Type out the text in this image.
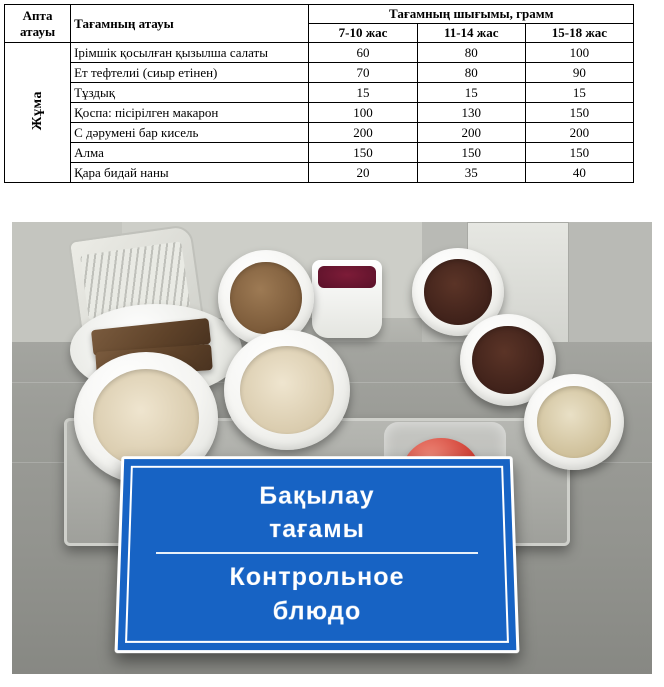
Апта атауы	Тағамның атауы	Тағамның шығымы, грамм		
		7-10 жас	11-14 жас	15-18 жас
Жұма	Ірімшік қосылған қызылша салаты	60	80	100
	Ет тефтелиі (сиыр етінен)	70	80	90
	Тұздық	15	15	15
	Қоспа: пісірілген макарон	100	130	150
	С дәрумені бар кисель	200	200	200
	Алма	150	150	150
	Қара бидай наны	20	35	40
Бақылау
тағамы
Контрольное
блюдо
